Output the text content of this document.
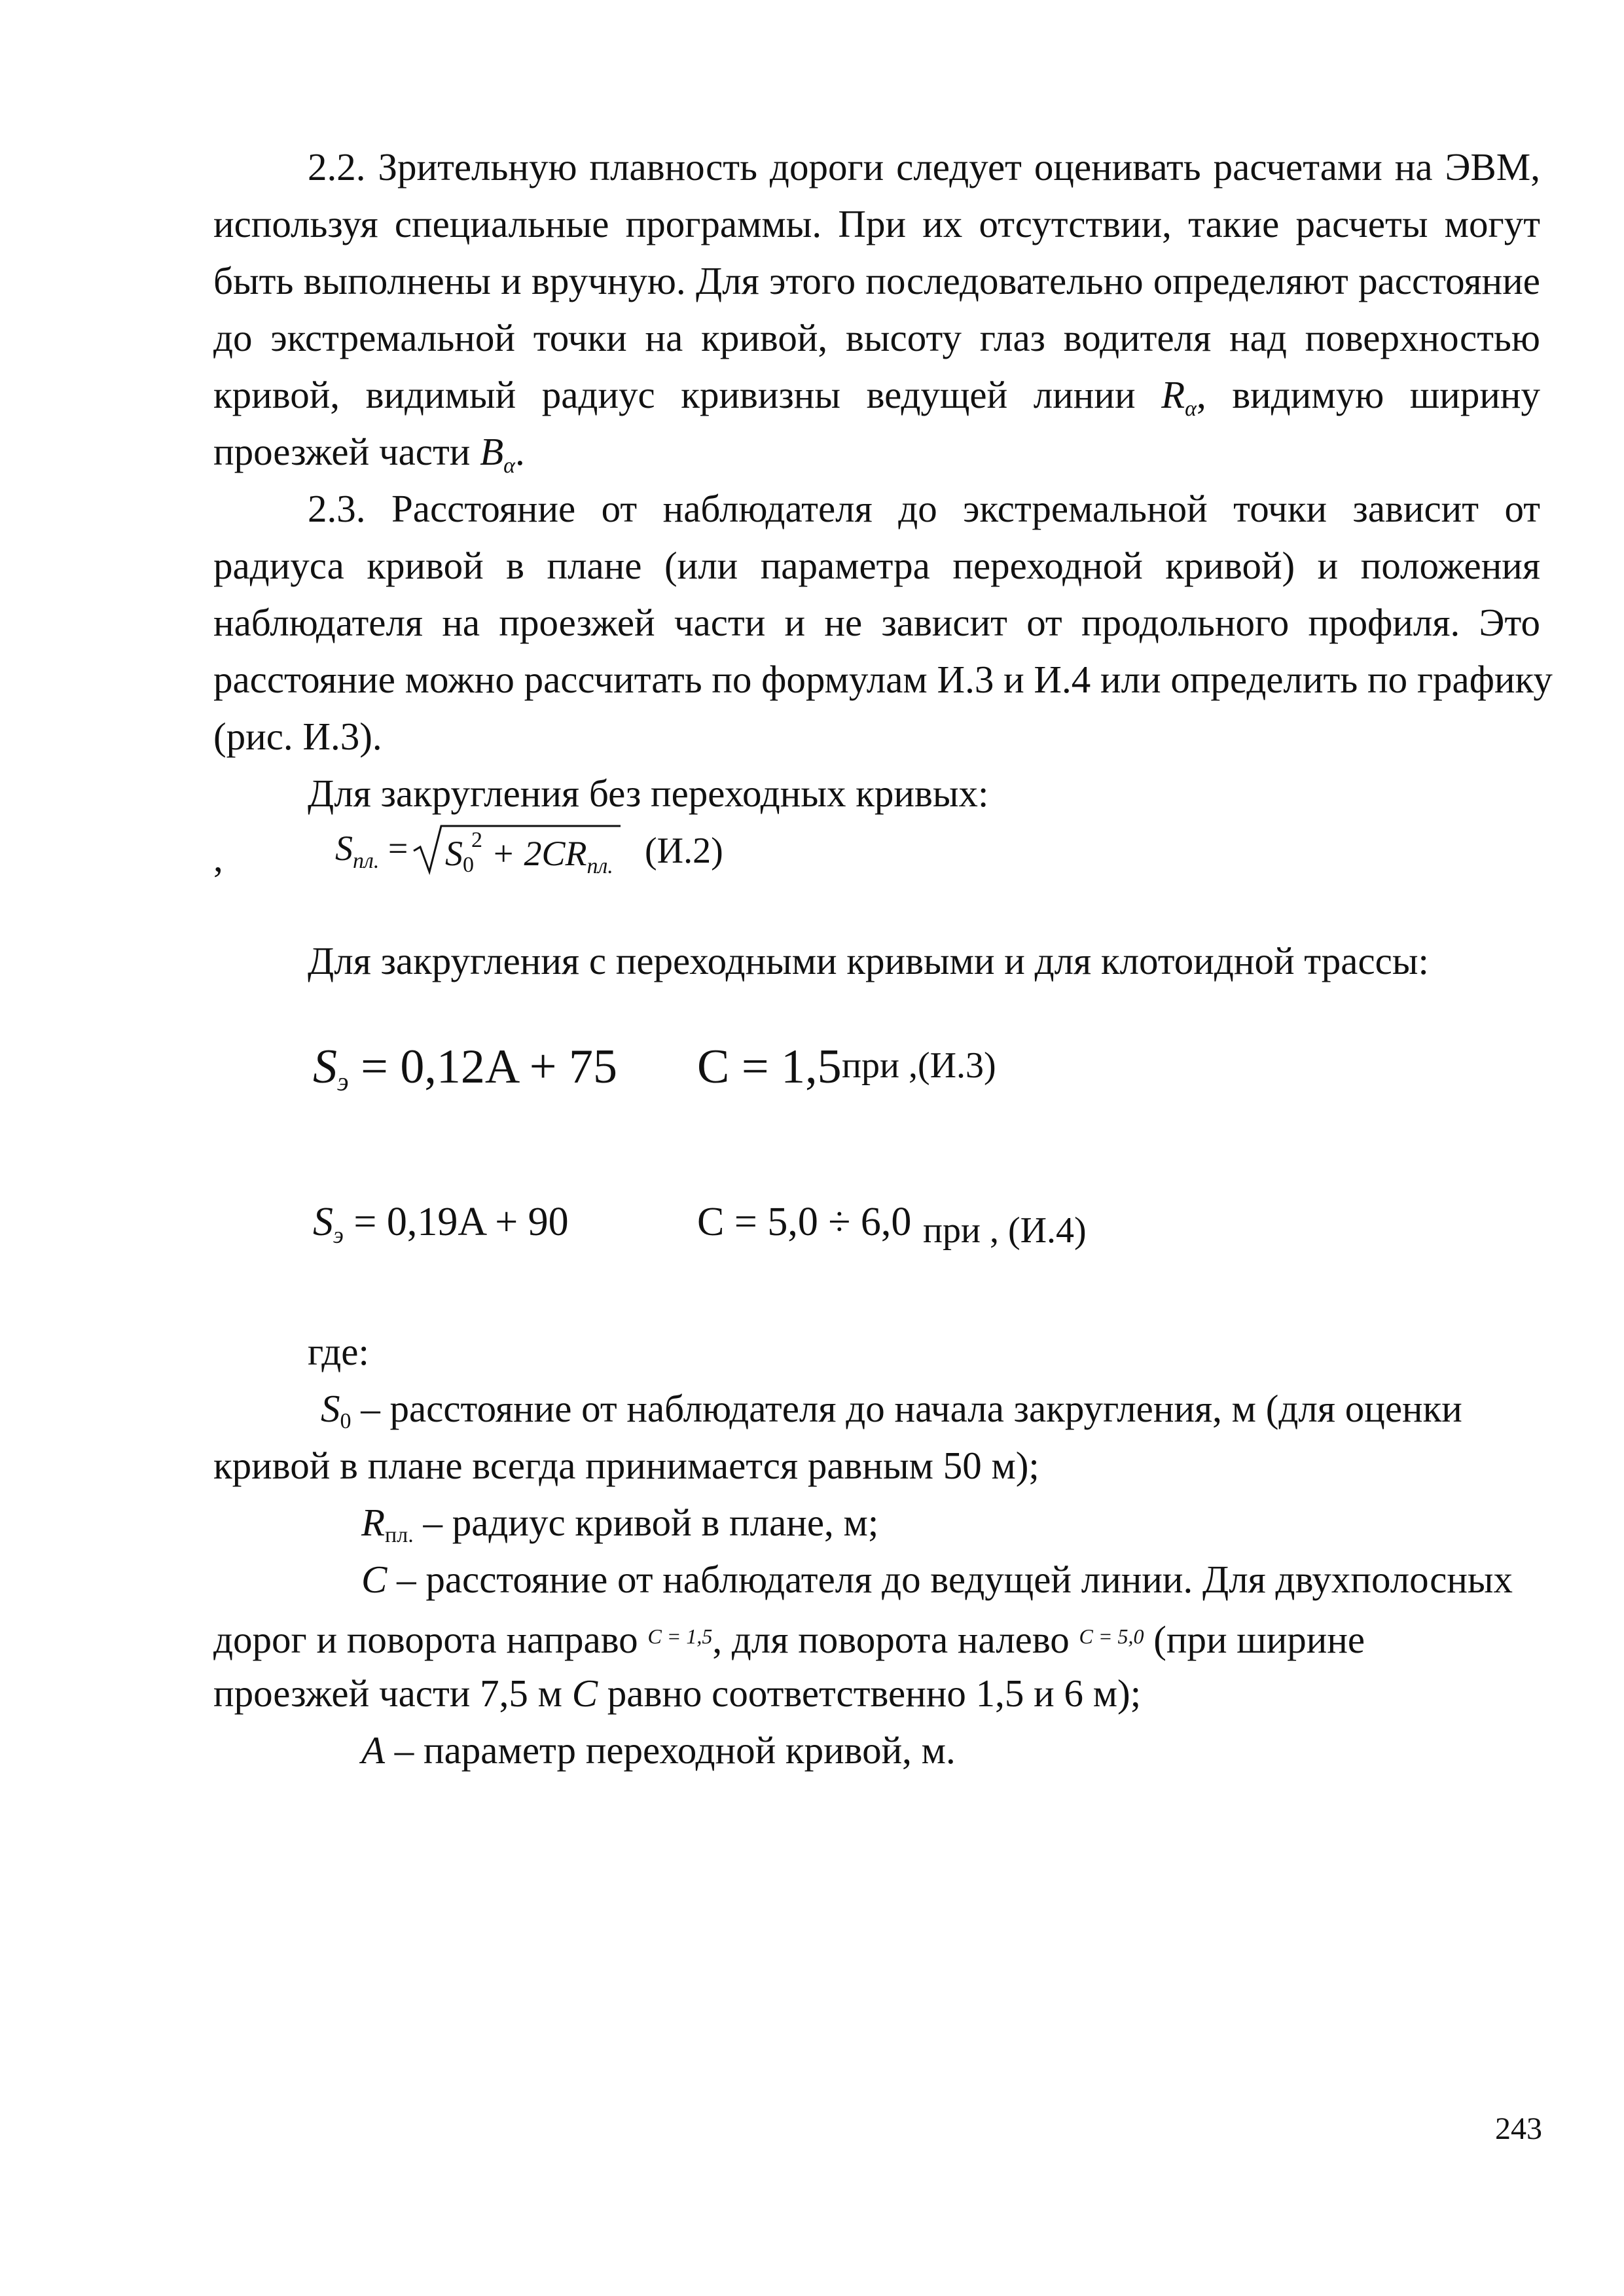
2.2. Зрительную плавность дороги следует оценивать расчетами на ЭВМ,
используя специальные программы. При их отсутствии, такие расчеты могут
быть выполнены и вручную. Для этого последовательно определяют расстояние
до экстремальной точки на кривой, высоту глаз водителя над поверхностью
кривой, видимый радиус кривизны ведущей линии $R_\alpha$, видимую ширину
проезжей части $B_\alpha$.
2.3. Расстояние от наблюдателя до экстремальной точки зависит от
радиуса кривой в плане (или параметра переходной кривой) и положения
наблюдателя на проезжей части и не зависит от продольного профиля. Это
расстояние можно рассчитать по формулам И.3 и И.4 или определить по графику
(рис. И.3).
Для закругления без переходных кривых:
,	$S_{пл.} = S0^2 + 2CR_{пл.}$ (И.2)
Для закругления с переходными кривыми и для клотоидной трассы:
$S_э = 0,12A + 75$ C = 1,5 при ,(И.3)
$S_э = 0,19A + 90$	C = 5,0 ÷ 6,0 при , (И.4)
где:
S0 – расстояние от наблюдателя до начала закругления, м (для оценки
кривой в плане всегда принимается равным 50 м);
Rпл. – радиус кривой в плане, м;
C – расстояние от наблюдателя до ведущей линии. Для двухполосных
дорог и поворота направо $^{C = 1,5}$, для поворота налево $^{C = 5,0}$ (при ширине
проезжей части 7,5 м C равно соответственно 1,5 и 6 м);
A – параметр переходной кривой, м.
243
